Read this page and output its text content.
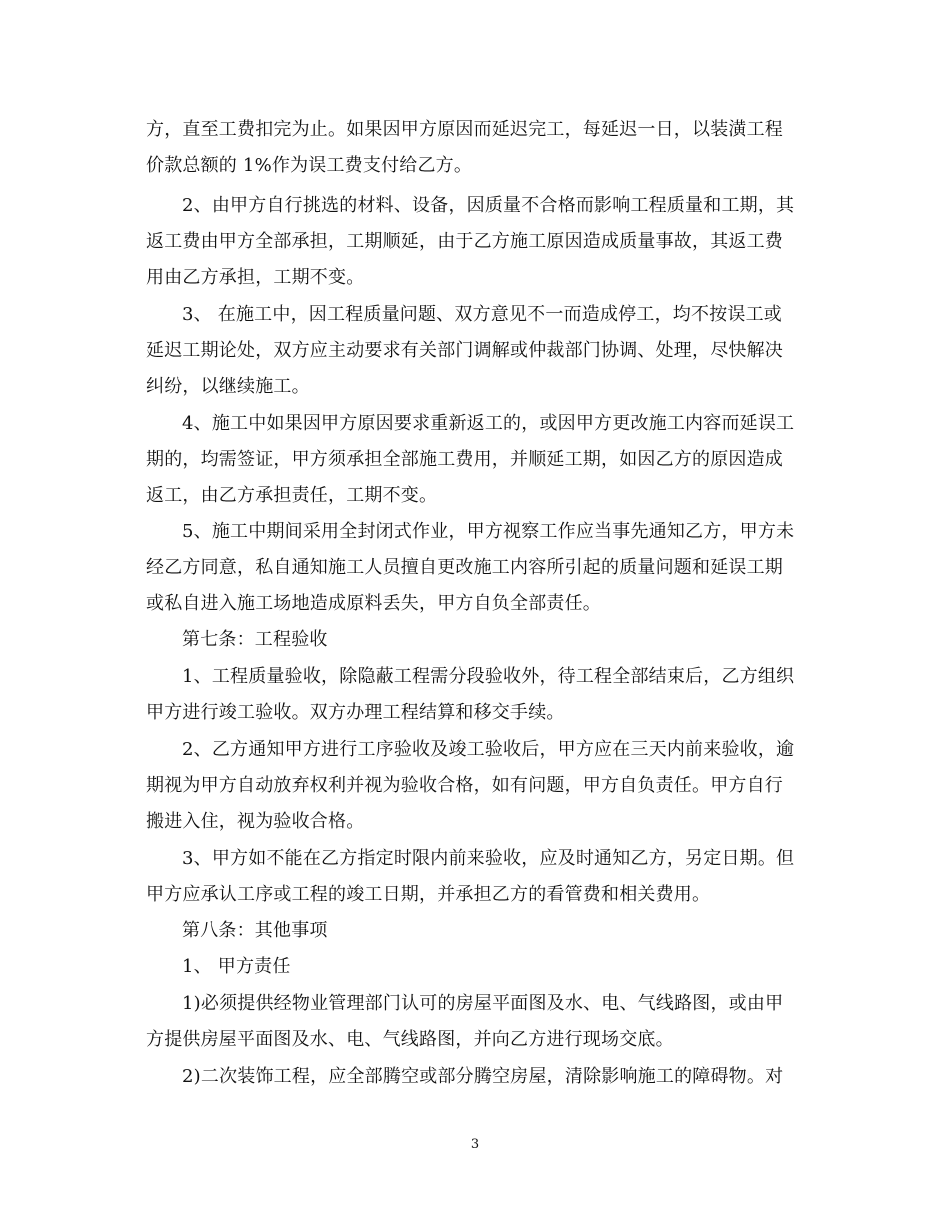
方，直至工费扣完为止。如果因甲方原因而延迟完工，每延迟一日，以装潢工程
价款总额的 1%作为误工费支付给乙方。
2、由甲方自行挑选的材料、设备，因质量不合格而影响工程质量和工期，其
返工费由甲方全部承担，工期顺延，由于乙方施工原因造成质量事故，其返工费
用由乙方承担，工期不变。
3、 在施工中，因工程质量问题、双方意见不一而造成停工，均不按误工或
延迟工期论处，双方应主动要求有关部门调解或仲裁部门协调、处理，尽快解决
纠纷，以继续施工。
4、施工中如果因甲方原因要求重新返工的，或因甲方更改施工内容而延误工
期的，均需签证，甲方须承担全部施工费用，并顺延工期，如因乙方的原因造成
返工，由乙方承担责任，工期不变。
5、施工中期间采用全封闭式作业，甲方视察工作应当事先通知乙方，甲方未
经乙方同意，私自通知施工人员擅自更改施工内容所引起的质量问题和延误工期
或私自进入施工场地造成原料丢失，甲方自负全部责任。
第七条：工程验收
1、工程质量验收，除隐蔽工程需分段验收外，待工程全部结束后，乙方组织
甲方进行竣工验收。双方办理工程结算和移交手续。
2、乙方通知甲方进行工序验收及竣工验收后，甲方应在三天内前来验收，逾
期视为甲方自动放弃权利并视为验收合格，如有问题，甲方自负责任。甲方自行
搬进入住，视为验收合格。
3、甲方如不能在乙方指定时限内前来验收，应及时通知乙方，另定日期。但
甲方应承认工序或工程的竣工日期，并承担乙方的看管费和相关费用。
第八条：其他事项
1、 甲方责任
1)必须提供经物业管理部门认可的房屋平面图及水、电、气线路图，或由甲
方提供房屋平面图及水、电、气线路图，并向乙方进行现场交底。
2)二次装饰工程，应全部腾空或部分腾空房屋，清除影响施工的障碍物。对
3
